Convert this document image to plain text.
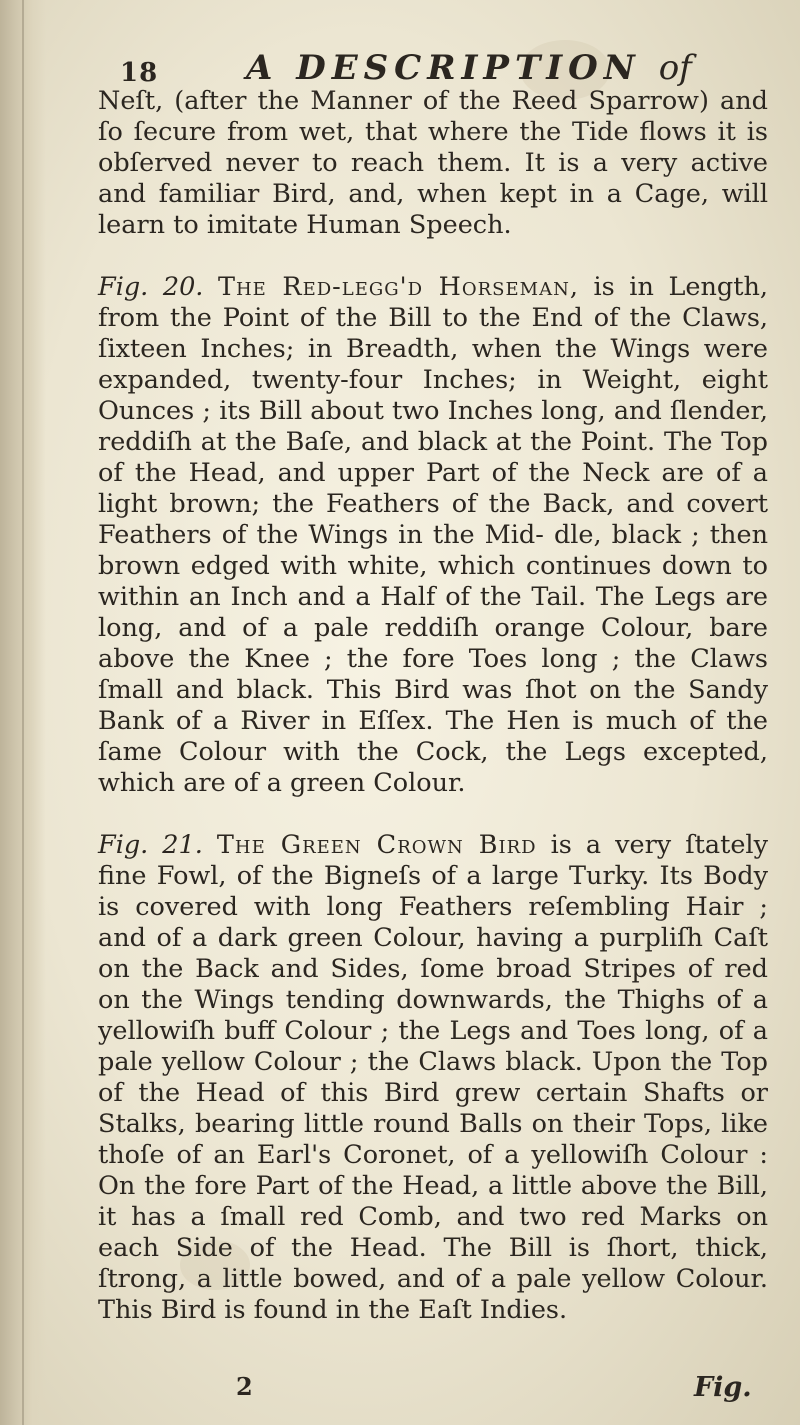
18	A DESCRIPTION of

Neſt, (after the Manner of the Reed Sparrow) and ſo ſecure from wet, that where the Tide flows it is obſerved never to reach them. It is a very active and familiar Bird, and, when kept in a Cage, will learn to imitate Human Speech.

Fig. 20. The Red-legg'd Horseman, is in Length, from the Point of the Bill to the End of the Claws, ſixteen Inches; in Breadth, when the Wings were expanded, twenty-four Inches; in Weight, eight Ounces ; its Bill about two Inches long, and ſlender, reddiſh at the Baſe, and black at the Point. The Top of the Head, and upper Part of the Neck are of a light brown; the Feathers of the Back, and covert Feathers of the Wings in the Mid- dle, black ; then brown edged with white, which continues down to within an Inch and a Half of the Tail. The Legs are long, and of a pale reddiſh orange Colour, bare above the Knee ; the fore Toes long ; the Claws ſmall and black. This Bird was ſhot on the Sandy Bank of a River in Eſſex. The Hen is much of the ſame Colour with the Cock, the Legs excepted, which are of a green Colour.

Fig. 21. The Green Crown Bird is a very ſtately fine Fowl, of the Bigneſs of a large Turky. Its Body is covered with long Feathers reſembling Hair ; and of a dark green Colour, having a purpliſh Caſt on the Back and Sides, ſome broad Stripes of red on the Wings tending downwards, the Thighs of a yellowiſh buff Colour ; the Legs and Toes long, of a pale yellow Colour ; the Claws black. Upon the Top of the Head of this Bird grew certain Shafts or Stalks, bearing little round Balls on their Tops, like thoſe of an Earl's Coronet, of a yellowiſh Colour : On the fore Part of the Head, a little above the Bill, it has a ſmall red Comb, and two red Marks on each Side of the Head. The Bill is ſhort, thick, ſtrong, a little bowed, and of a pale yellow Colour. This Bird is found in the Eaſt Indies.

2	Fig.
